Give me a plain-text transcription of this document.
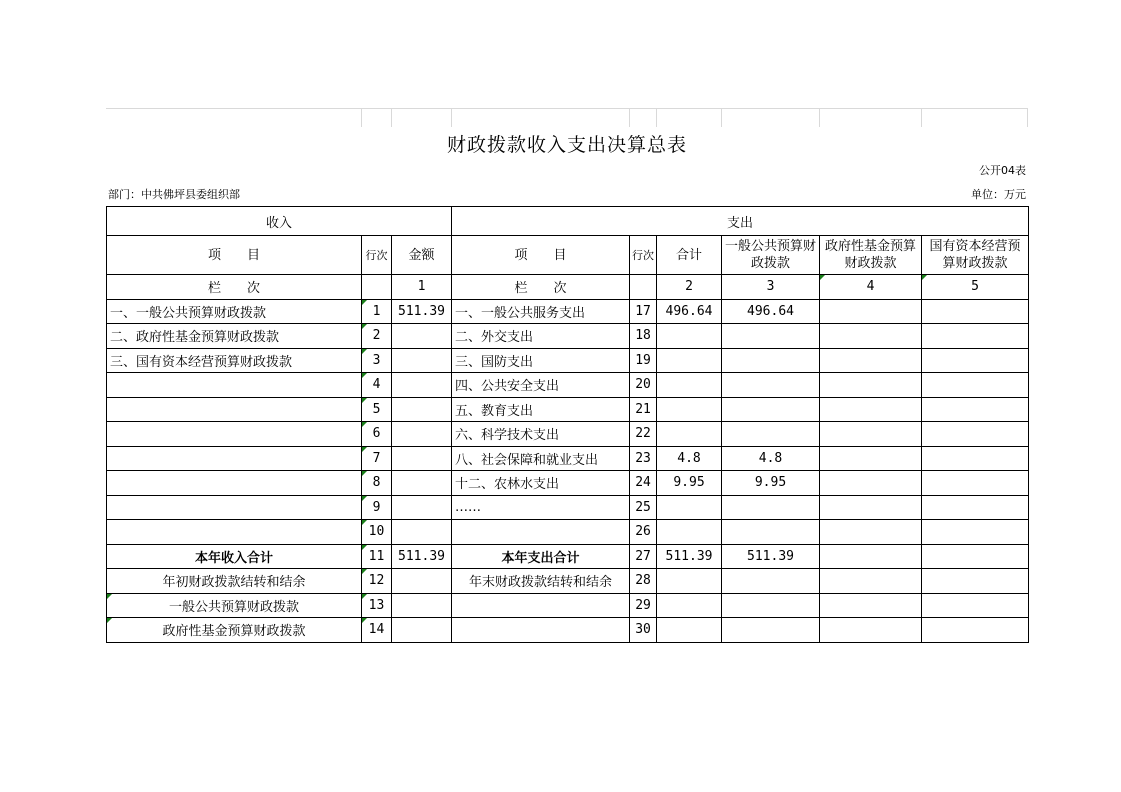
财政拨款收入支出决算总表
公开04表
部门：中共佛坪县委组织部	单位：万元
收入			支出					
项　　目	行次	金额	项　　目	行次	合计	一般公共预算财政拨款	政府性基金预算财政拨款	国有资本经营预算财政拨款
栏　　次		1	栏　　次		2	3	4	5
一、一般公共预算财政拨款	1	511.39	一、一般公共服务支出	17	496.64	496.64		
二、政府性基金预算财政拨款	2		二、外交支出	18				
三、国有资本经营预算财政拨款	3		三、国防支出	19				
	4		四、公共安全支出	20				
	5		五、教育支出	21				
	6		六、科学技术支出	22				
	7		八、社会保障和就业支出	23	4.8	4.8		
	8		十二、农林水支出	24	9.95	9.95		
	9		……	25				
	10			26				
本年收入合计	11	511.39	本年支出合计	27	511.39	511.39		
年初财政拨款结转和结余	12		年末财政拨款结转和结余	28				
一般公共预算财政拨款	13			29				
政府性基金预算财政拨款	14			30				
